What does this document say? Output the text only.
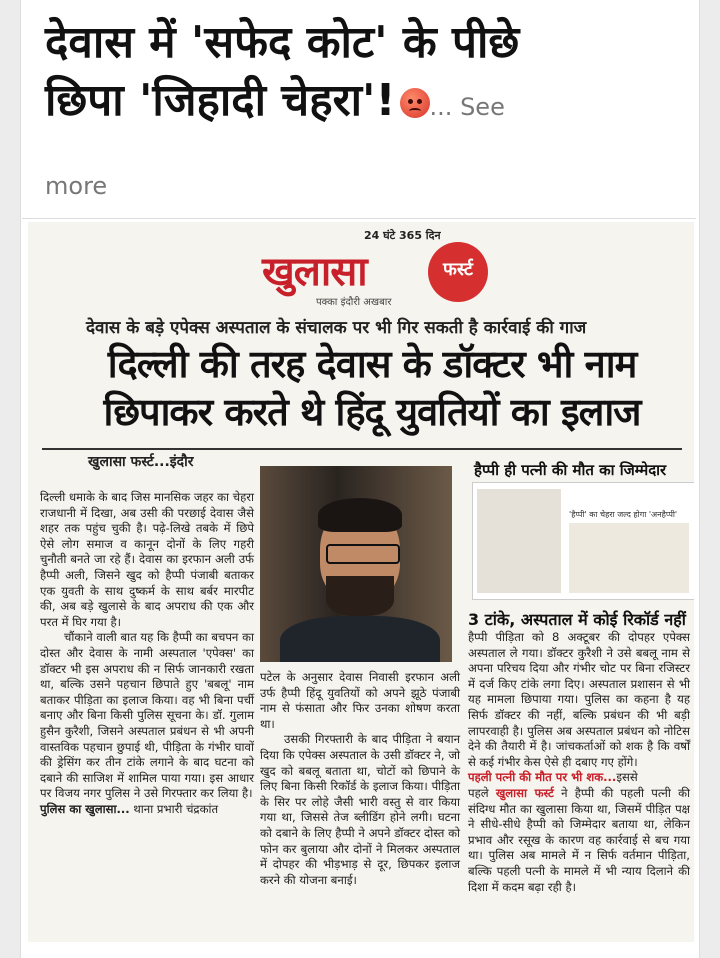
देवास में 'सफेद कोट' के पीछे
छिपा 'जिहादी चेहरा'! ... See
more
24 घंटे 365 दिन
खुलासा	फर्स्ट
पक्का इंदौरी अखबार
देवास के बड़े एपेक्स अस्पताल के संचालक पर भी गिर सकती है कार्रवाई की गाज
दिल्ली की तरह देवास के डॉक्टर भी नाम
छिपाकर करते थे हिंदू युवतियों का इलाज
खुलासा फर्स्ट...इंदौर

दिल्ली धमाके के बाद जिस मानसिक जहर का चेहरा राजधानी में दिखा, अब उसी की परछाई देवास जैसे शहर तक पहुंच चुकी है। पढ़े-लिखे तबके में छिपे ऐसे लोग समाज व कानून दोनों के लिए गहरी चुनौती बनते जा रहे हैं। देवास का इरफान अली उर्फ हैप्पी अली, जिसने खुद को हैप्पी पंजाबी बताकर एक युवती के साथ दुष्कर्म के साथ बर्बर मारपीट की, अब बड़े खुलासे के बाद अपराध की एक और परत में घिर गया है।

चौंकाने वाली बात यह कि हैप्पी का बचपन का दोस्त और देवास के नामी अस्पताल 'एपेक्स' का डॉक्टर भी इस अपराध की न सिर्फ जानकारी रखता था, बल्कि उसने पहचान छिपाते हुए 'बबलू' नाम बताकर पीड़िता का इलाज किया। वह भी बिना पर्ची बनाए और बिना किसी पुलिस सूचना के। डॉ. गुलाम हुसैन कुरैशी, जिसने अस्पताल प्रबंधन से भी अपनी वास्तविक पहचान छुपाई थी, पीड़िता के गंभीर घावों की ड्रेसिंग कर तीन टांके लगाने के बाद घटना को दबाने की साजिश में शामिल पाया गया। इस आधार पर विजय नगर पुलिस ने उसे गिरफ्तार कर लिया है।

पुलिस का खुलासा... थाना प्रभारी चंद्रकांत

पटेल के अनुसार देवास निवासी इरफान अली उर्फ हैप्पी हिंदू युवतियों को अपने झूठे पंजाबी नाम से फंसाता और फिर उनका शोषण करता था।

उसकी गिरफ्तारी के बाद पीड़िता ने बयान दिया कि एपेक्स अस्पताल के उसी डॉक्टर ने, जो खुद को बबलू बताता था, चोटों को छिपाने के लिए बिना किसी रिकॉर्ड के इलाज किया। पीड़िता के सिर पर लोहे जैसी भारी वस्तु से वार किया गया था, जिससे तेज ब्लीडिंग होने लगी। घटना को दबाने के लिए हैप्पी ने अपने डॉक्टर दोस्त को फोन कर बुलाया और दोनों ने मिलकर अस्पताल में दोपहर की भीड़भाड़ से दूर, छिपकर इलाज करने की योजना बनाई।

हैप्पी ही पत्नी की मौत का जिम्मेदार
'हैप्पी' का चेहरा जल्द होगा 'अनहैप्पी'
3 टांके, अस्पताल में कोई रिकॉर्ड नहीं

हैप्पी पीड़िता को 8 अक्टूबर की दोपहर एपेक्स अस्पताल ले गया। डॉक्टर कुरैशी ने उसे बबलू नाम से अपना परिचय दिया और गंभीर चोट पर बिना रजिस्टर में दर्ज किए टांके लगा दिए। अस्पताल प्रशासन से भी यह मामला छिपाया गया। पुलिस का कहना है यह सिर्फ डॉक्टर की नहीं, बल्कि प्रबंधन की भी बड़ी लापरवाही है। पुलिस अब अस्पताल प्रबंधन को नोटिस देने की तैयारी में है। जांचकर्ताओं को शक है कि वर्षों से कई गंभीर केस ऐसे ही दबाए गए होंगे।

पहली पत्नी की मौत पर भी शक...इससे

पहले खुलासा फर्स्ट ने हैप्पी की पहली पत्नी की संदिग्ध मौत का खुलासा किया था, जिसमें पीड़ित पक्ष ने सीधे-सीधे हैप्पी को जिम्मेदार बताया था, लेकिन प्रभाव और रसूख के कारण वह कार्रवाई से बच गया था। पुलिस अब मामले में न सिर्फ वर्तमान पीड़िता, बल्कि पहली पत्नी के मामले में भी न्याय दिलाने की दिशा में कदम बढ़ा रही है।
